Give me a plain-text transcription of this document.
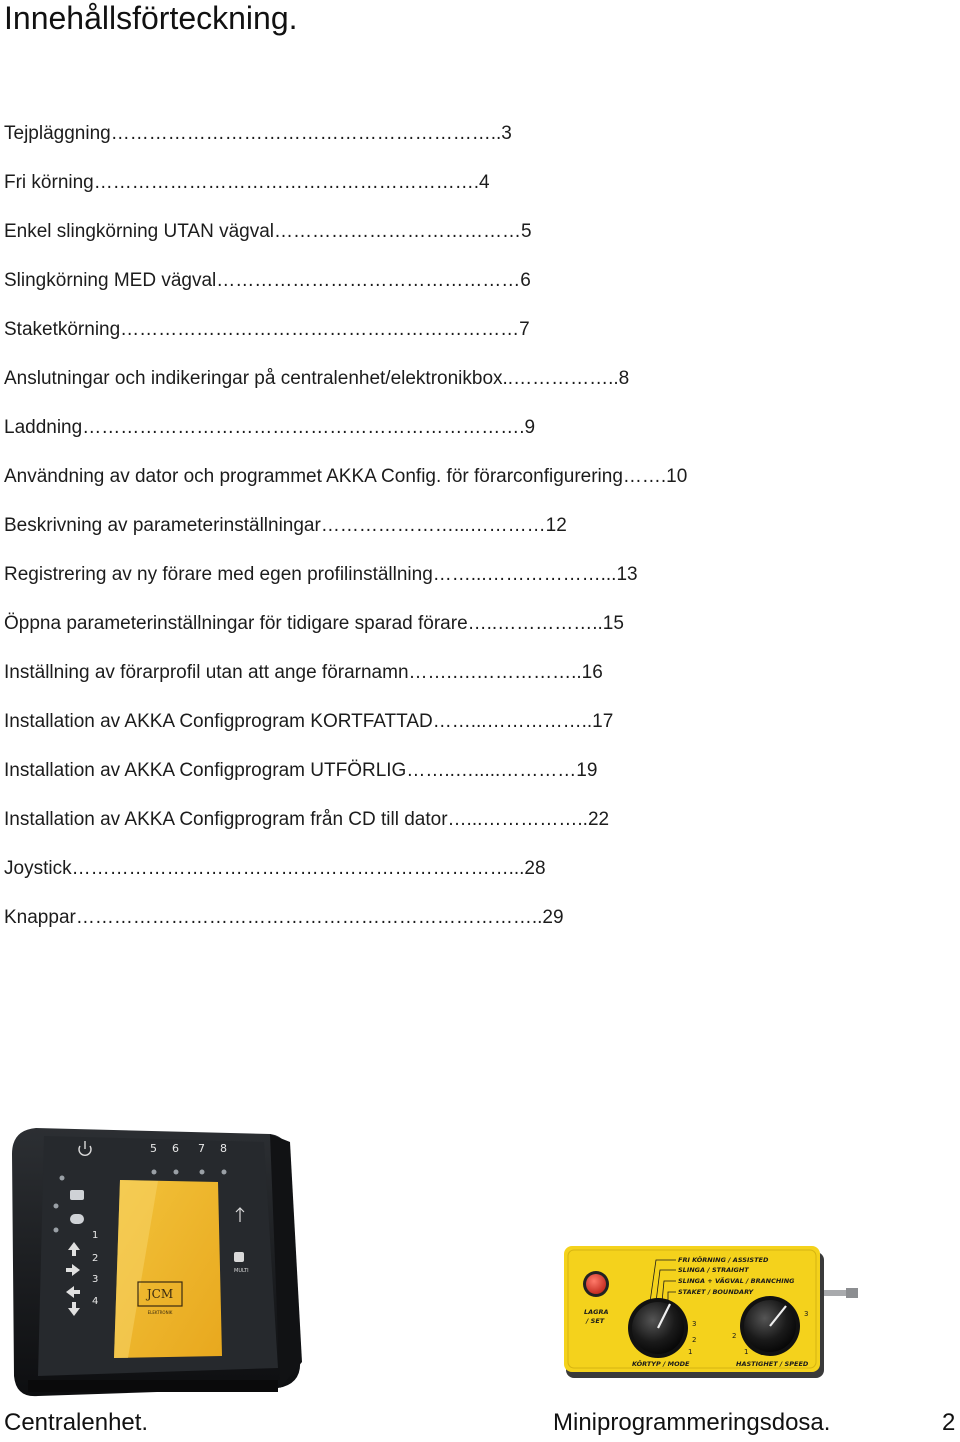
Innehållsförteckning.
Tejpläggning……………………………………………………..3
Fri körning…………………………………………………….4
Enkel slingkörning UTAN vägval…………………………………5
Slingkörning MED vägval…………………………………………6
Staketkörning………………………………………………………7
Anslutningar och indikeringar på centralenhet/elektronikbox..……………..8
Laddning…………………………………………………………….9
Användning av dator och programmet AKKA Config. för förarconfigurering…….10
Beskrivning av parameterinställningar…………………...…………12
Registrering av ny förare med egen profilinställning……...………………...13
Öppna parameterinställningar för tidigare sparad förare…..……………..15
Inställning av förarprofil utan att ange förarnamn…….….……………..16
Installation av AKKA Configprogram KORTFATTAD……...……………..17
Installation av AKKA Configprogram UTFÖRLIG……..….....…………19
Installation av AKKA Configprogram från CD till dator…...……………..22
Joystick……………………………………………………………...28
Knappar………………………………………………………………..29
JCM
ELEKTRONIK
5 6 7 8
1
2
3
4
MULTI
FRI KÖRNING / ASSISTED
SLINGA / STRAIGHT
SLINGA + VÄGVAL / BRANCHING
STAKET / BOUNDARY
LAGRA
/ SET	3
2
1
KÖRTYP / MODE
2
1
3
HASTIGHET / SPEED
Centralenhet.	Miniprogrammeringsdosa.	2
